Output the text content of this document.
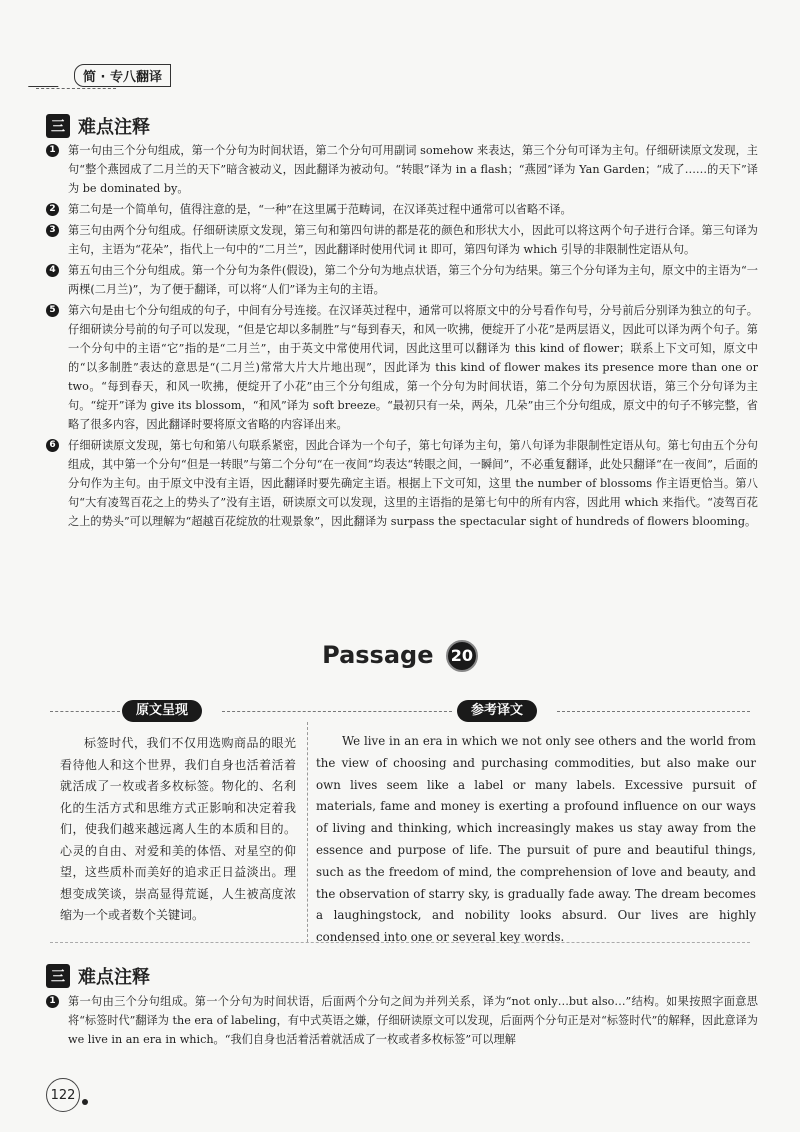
简 · 专八翻译
三 难点注释

1	第一句由三个分句组成，第一个分句为时间状语，第二个分句可用副词 somehow 来表达，第三个分句可译为主句。仔细研读原文发现，主句“整个燕园成了二月兰的天下”暗含被动义，因此翻译为被动句。“转眼”译为 in a flash；“燕园”译为 Yan Garden；“成了……的天下”译为 be dominated by。

2	第二句是一个简单句，值得注意的是，“一种”在这里属于范畴词，在汉译英过程中通常可以省略不译。

3	第三句由两个分句组成。仔细研读原文发现，第三句和第四句讲的都是花的颜色和形状大小，因此可以将这两个句子进行合译。第三句译为主句，主语为“花朵”，指代上一句中的“二月兰”，因此翻译时使用代词 it 即可，第四句译为 which 引导的非限制性定语从句。

4	第五句由三个分句组成。第一个分句为条件(假设)，第二个分句为地点状语，第三个分句为结果。第三个分句译为主句，原文中的主语为“一两棵(二月兰)”，为了便于翻译，可以将“人们”译为主句的主语。

5	第六句是由七个分句组成的句子，中间有分号连接。在汉译英过程中，通常可以将原文中的分号看作句号，分号前后分别译为独立的句子。仔细研读分号前的句子可以发现，“但是它却以多制胜”与“每到春天，和风一吹拂，便绽开了小花”是两层语义，因此可以译为两个句子。第一个分句中的主语“它”指的是“二月兰”，由于英文中常使用代词，因此这里可以翻译为 this kind of flower；联系上下文可知，原文中的“以多制胜”表达的意思是“(二月兰)常常大片大片地出现”，因此译为 this kind of flower makes its presence more than one or two。“每到春天，和风一吹拂，便绽开了小花”由三个分句组成，第一个分句为时间状语，第二个分句为原因状语，第三个分句译为主句。“绽开”译为 give its blossom，“和风”译为 soft breeze。“最初只有一朵，两朵，几朵”由三个分句组成，原文中的句子不够完整，省略了很多内容，因此翻译时要将原文省略的内容译出来。

6	仔细研读原文发现，第七句和第八句联系紧密，因此合译为一个句子，第七句译为主句，第八句译为非限制性定语从句。第七句由五个分句组成，其中第一个分句“但是一转眼”与第二个分句“在一夜间”均表达“转眼之间，一瞬间”，不必重复翻译，此处只翻译“在一夜间”，后面的分句作为主句。由于原文中没有主语，因此翻译时要先确定主语。根据上下文可知，这里 the number of blossoms 作主语更恰当。第八句“大有凌驾百花之上的势头了”没有主语，研读原文可以发现，这里的主语指的是第七句中的所有内容，因此用 which 来指代。“凌驾百花之上的势头”可以理解为“超越百花绽放的壮观景象”，因此翻译为 surpass the spectacular sight of hundreds of flowers blooming。

Passage 20
原文呈现	参考译文
标签时代，我们不仅用选购商品的眼光看待他人和这个世界，我们自身也活着活着就活成了一枚或者多枚标签。物化的、名利化的生活方式和思维方式正影响和决定着我们，使我们越来越远离人生的本质和目的。心灵的自由、对爱和美的体悟、对星空的仰望，这些质朴而美好的追求正日益淡出。理想变成笑谈，崇高显得荒诞，人生被高度浓缩为一个或者数个关键词。
We live in an era in which we not only see others and the world from the view of choosing and purchasing commodities, but also make our own lives seem like a label or many labels. Excessive pursuit of materials, fame and money is exerting a profound influence on our ways of living and thinking, which increasingly makes us stay away from the essence and purpose of life. The pursuit of pure and beautiful things, such as the freedom of mind, the comprehension of love and beauty, and the observation of starry sky, is gradually fade away. The dream becomes a laughingstock, and nobility looks absurd. Our lives are highly condensed into one or several key words.
三 难点注释

1	第一句由三个分句组成。第一个分句为时间状语，后面两个分句之间为并列关系，译为“not only…but also…”结构。如果按照字面意思将“标签时代”翻译为 the era of labeling，有中式英语之嫌，仔细研读原文可以发现，后面两个分句正是对“标签时代”的解释，因此意译为 we live in an era in which。“我们自身也活着活着就活成了一枚或者多枚标签”可以理解

122
